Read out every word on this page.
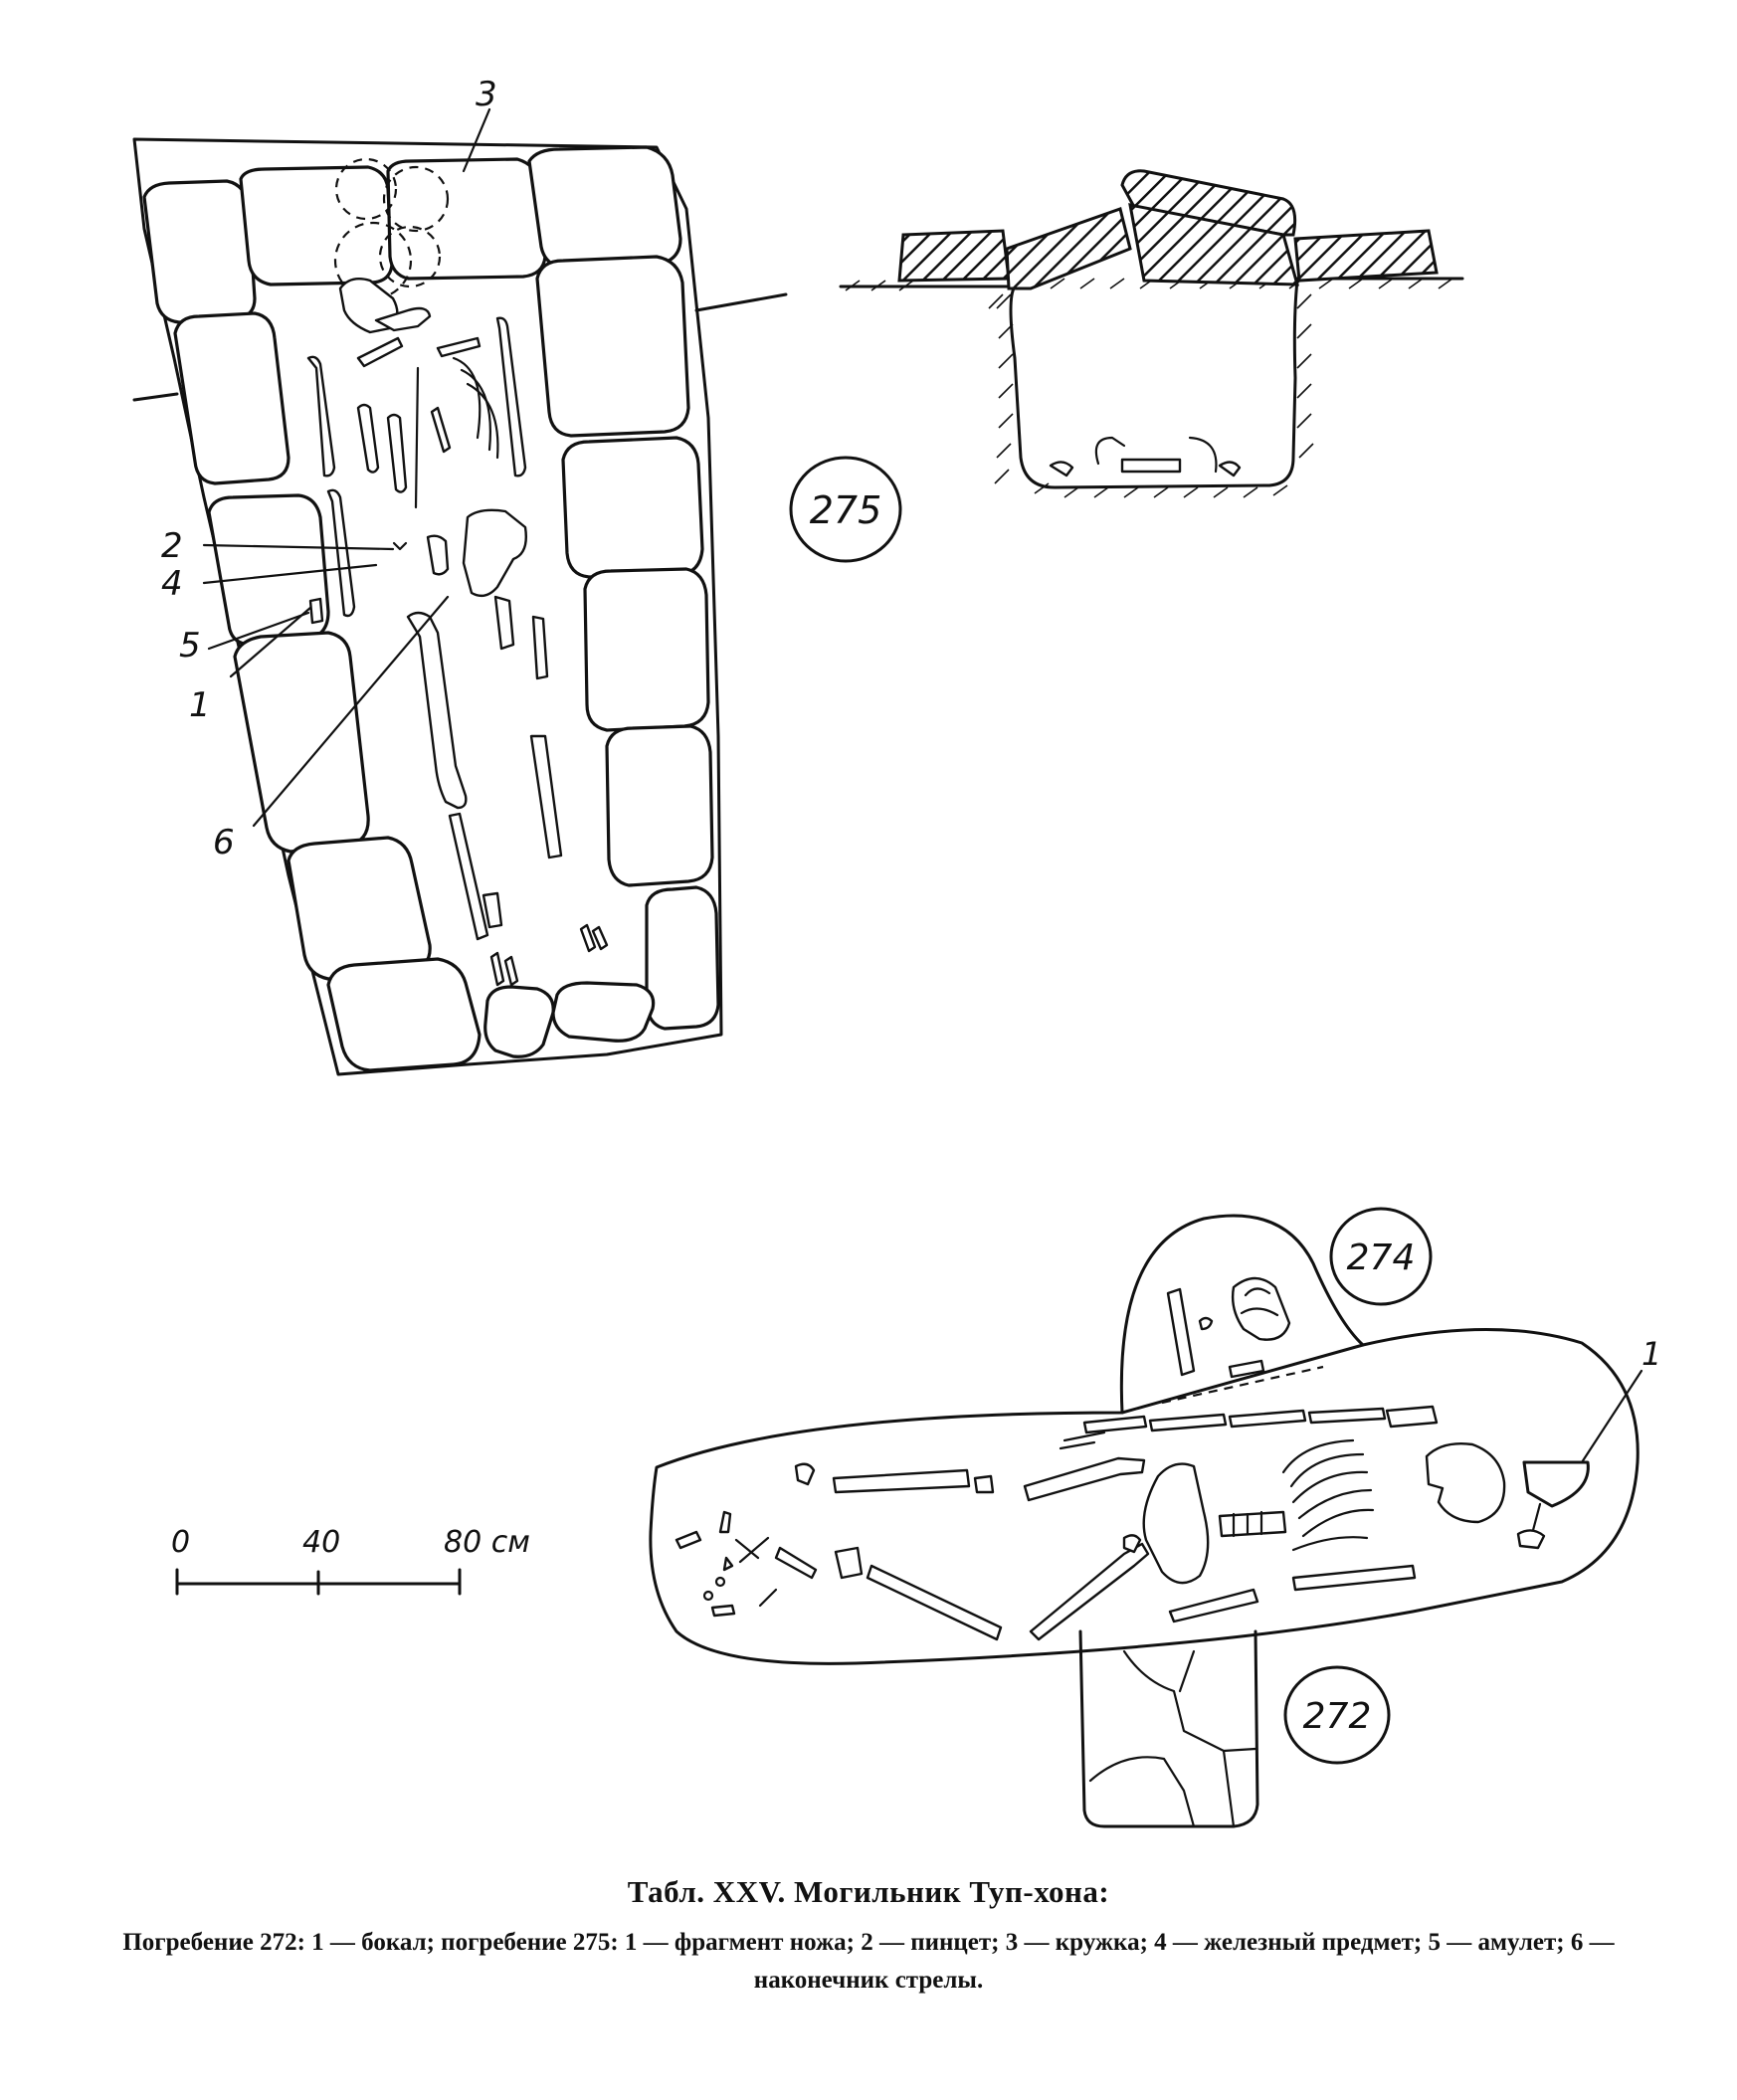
3
2
4
5
1
6
275
274
272
1
0	40	80 см
Табл. XXV. Могильник Туп-хона:
Погребение 272: 1 — бокал; погребение 275: 1 — фрагмент ножа; 2 — пинцет; 3 — кружка; 4 — железный предмет; 5 — амулет; 6 — наконечник стрелы.
